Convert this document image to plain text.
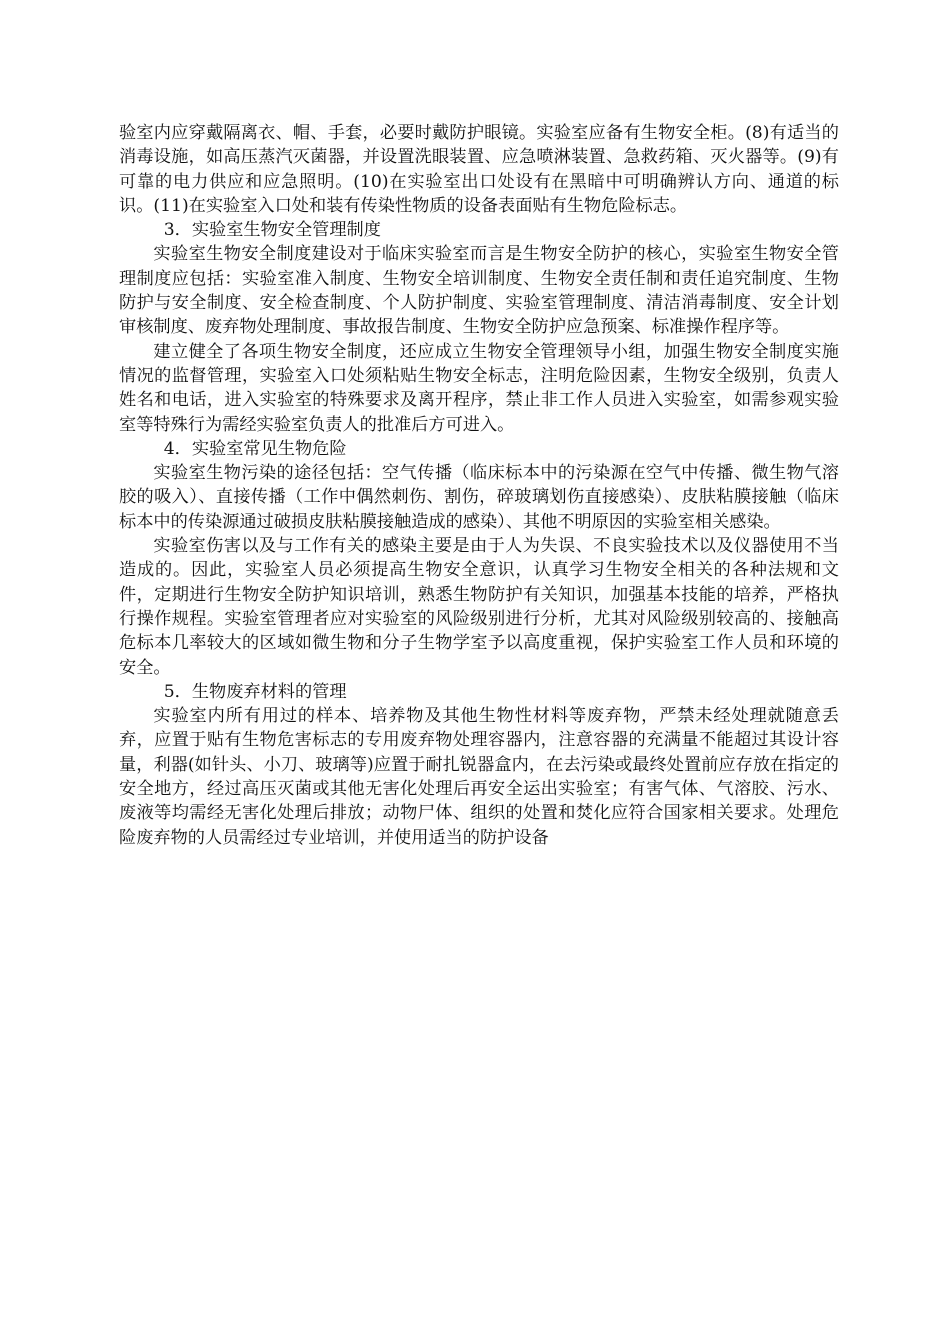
验室内应穿戴隔离衣、帽、手套，必要时戴防护眼镜。实验室应备有生物安全柜。(8)有适当的消毒设施，如高压蒸汽灭菌器，并设置洗眼装置、应急喷淋装置、急救药箱、灭火器等。(9)有可靠的电力供应和应急照明。(10)在实验室出口处设有在黑暗中可明确辨认方向、通道的标识。(11)在实验室入口处和装有传染性物质的设备表面贴有生物危险标志。

3．实验室生物安全管理制度

实验室生物安全制度建设对于临床实验室而言是生物安全防护的核心，实验室生物安全管理制度应包括：实验室准入制度、生物安全培训制度、生物安全责任制和责任追究制度、生物防护与安全制度、安全检查制度、个人防护制度、实验室管理制度、清洁消毒制度、安全计划审核制度、废弃物处理制度、事故报告制度、生物安全防护应急预案、标准操作程序等。

建立健全了各项生物安全制度，还应成立生物安全管理领导小组，加强生物安全制度实施情况的监督管理，实验室入口处须粘贴生物安全标志，注明危险因素，生物安全级别，负责人姓名和电话，进入实验室的特殊要求及离开程序，禁止非工作人员进入实验室，如需参观实验室等特殊行为需经实验室负责人的批准后方可进入。

4．实验室常见生物危险

实验室生物污染的途径包括：空气传播（临床标本中的污染源在空气中传播、微生物气溶胶的吸入）、直接传播（工作中偶然刺伤、割伤，碎玻璃划伤直接感染）、皮肤粘膜接触（临床标本中的传染源通过破损皮肤粘膜接触造成的感染）、其他不明原因的实验室相关感染。

实验室伤害以及与工作有关的感染主要是由于人为失误、不良实验技术以及仪器使用不当造成的。因此，实验室人员必须提高生物安全意识，认真学习生物安全相关的各种法规和文件，定期进行生物安全防护知识培训，熟悉生物防护有关知识，加强基本技能的培养，严格执行操作规程。实验室管理者应对实验室的风险级别进行分析，尤其对风险级别较高的、接触高危标本几率较大的区域如微生物和分子生物学室予以高度重视，保护实验室工作人员和环境的安全。

5．生物废弃材料的管理

实验室内所有用过的样本、培养物及其他生物性材料等废弃物，严禁未经处理就随意丢弃，应置于贴有生物危害标志的专用废弃物处理容器内，注意容器的充满量不能超过其设计容量，利器(如针头、小刀、玻璃等)应置于耐扎锐器盒内，在去污染或最终处置前应存放在指定的安全地方，经过高压灭菌或其他无害化处理后再安全运出实验室；有害气体、气溶胶、污水、废液等均需经无害化处理后排放；动物尸体、组织的处置和焚化应符合国家相关要求。处理危险废弃物的人员需经过专业培训，并使用适当的防护设备
